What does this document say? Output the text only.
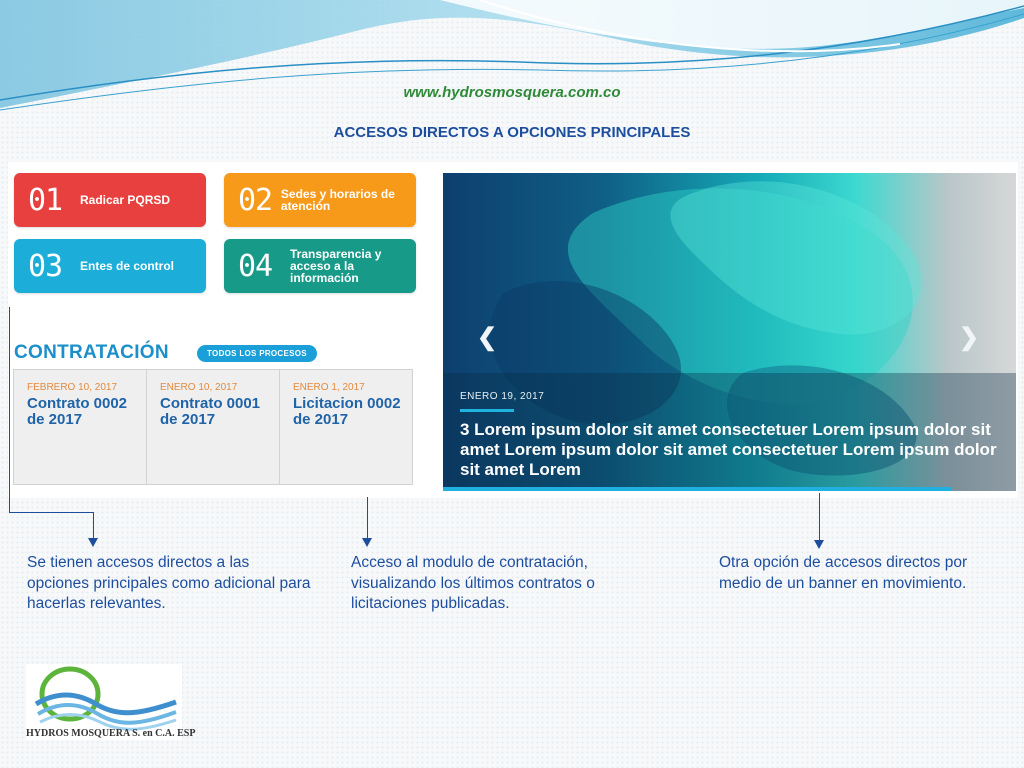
www.hydrosmosquera.com.co
ACCESOS DIRECTOS A OPCIONES PRINCIPALES
01	Radicar PQRSD 02 Sedes y horarios de atención
03	Entes de control 04	Transparencia y acceso a la información
CONTRATACIÓN	TODOS LOS PROCESOS
FEBRERO 10, 2017
Contrato 0002 de 2017
ENERO 10, 2017
Contrato 0001 de 2017
ENERO 1, 2017
Licitacion 0002 de 2017
❮	❯
ENERO 19, 2017
3 Lorem ipsum dolor sit amet consectetuer Lorem ipsum dolor sit amet Lorem ipsum dolor sit amet consectetuer Lorem ipsum dolor sit amet Lorem
Se tienen accesos directos a las opciones principales como adicional para hacerlas relevantes.
Acceso al modulo de contratación, visualizando los últimos contratos o licitaciones publicadas.
Otra opción de accesos directos por medio de un banner en movimiento.
HYDROS MOSQUERA S. en C.A. ESP
